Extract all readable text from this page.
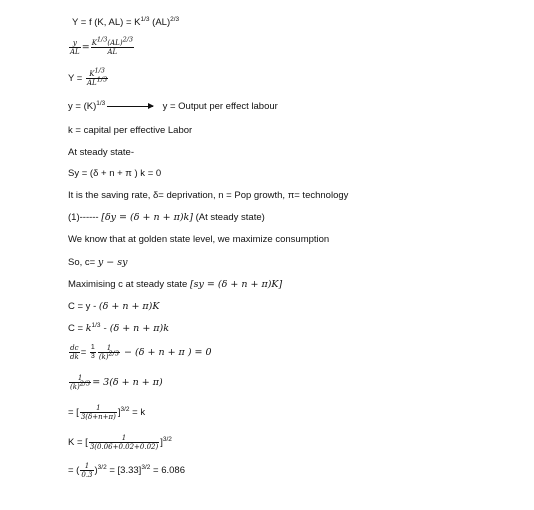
Y = f (K, $AL) = K^{1/3}$ (AL)$^{2/3}$
$\frac{y}{AL} = \frac{K^{1/3}(AL)^{2/3}}{AL}$
$Y = \frac{K^{1/3}}{AL^{1/3}}$
$y = (K)^{1/3}$	y = Output per effect labour
k = capital per effective Labor
At steady state-
Sy = (δ + n + π ) k = 0
It is the saving rate, δ= deprivation, n = Pop growth, π= technology
(1)------ [δy = (δ + n + π)k] (At steady state)
We know that at golden state level, we maximize consumption
So, c= y − sy
Maximising c at steady state [sy = (δ + n + π)K]
C = y - (δ + n + π)K
$C = k^{1/3} - (\delta + n + \pi)k$
$\frac{dc}{dk} = \frac{1}{3} \frac{1}{(k)^{2/3}} - (\delta + n + \pi$ ) = 0
$\frac{1}{(k)^{2/3}} = 3(\delta + n + \pi)$
= [ $\frac{1}{3(\delta+n+\pi)} ]^{3/2} = k$
K = [ $\frac{1}{3(0.06+0.02+0.02)} ]^{3/2}$
= ( $\frac{1}{0.3} )^{3/2} = [3.33]^{3/2} = 6.086$
